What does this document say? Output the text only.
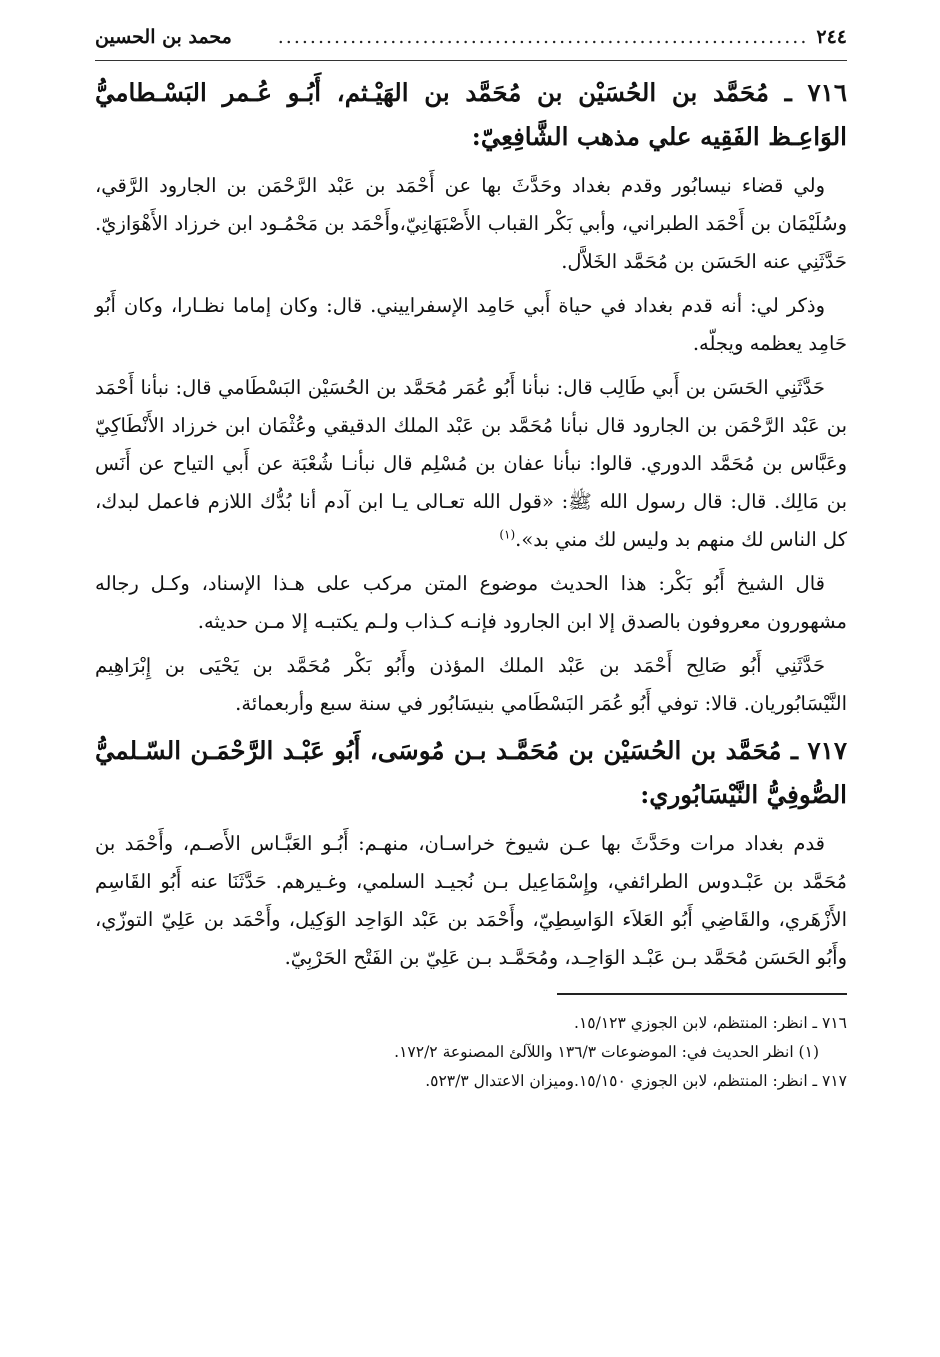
٢٤٤
..................................................................
محمد بن الحسين

٧١٦ ـ مُحَمَّد بن الحُسَيْن بن مُحَمَّد بن الهَيْـثم، أَبُـو عُـمر البَسْـطاميُّ الوَاعِـظ الفَقِيه علي مذهب الشَّافِعِيّ:

ولي قضاء نيسابُور وقدم بغداد وحَدَّثَ بها عن أَحْمَد بن عَبْد الرَّحْمَن بن الجارود الرَّقي، وسُلَيْمَان بن أَحْمَد الطبراني، وأبي بَكْر القباب الأَصْبَهَانِيّ،وأَحْمَد بن مَحْمُـود ابن خرزاد الأَهْوَازيّ. حَدَّثَنِي عنه الحَسَن بن مُحَمَّد الخَلاَّل.

وذكر لي: أنه قدم بغداد في حياة أَبي حَامِد الإسفراييني. قال: وكان إماما نظـارا، وكان أَبُو حَامِد يعظمه ويجلّه.

حَدَّثَنِي الحَسَن بن أَبي طَالِب قال: نبأنا أَبُو عُمَر مُحَمَّد بن الحُسَيْن البَسْطَامي قال: نبأنا أَحْمَد بن عَبْد الرَّحْمَن بن الجارود قال نبأنا مُحَمَّد بن عَبْد الملك الدقيقي وعُثْمَان ابن خرزاد الأَنْطَاكِيّ وعَبَّاس بن مُحَمَّد الدوري. قالوا: نبأنا عفان بن مُسْلِم قال نبأنـا شُعْبَة عن أَبي التياح عن أَنَس بن مَالِك. قال: قال رسول الله ﷺ: «قول الله تعـالى يـا ابن آدم أنا بُدُّك اللازم فاعمل لبدك، كل الناس لك منهم بد وليس لك مني بد».$^{(١)}$

قال الشيخ أَبُو بَكْر: هذا الحديث موضوع المتن مركب على هـذا الإسناد، وكـل رجاله مشهورون معروفون بالصدق إلا ابن الجارود فإنـه كـذاب ولـم يكتبـه إلا مـن حديثه.

حَدَّثَنِي أَبُو صَالِح أَحْمَد بن عَبْد الملك المؤذن وأَبُو بَكْر مُحَمَّد بن يَحْيَى بن إِبْرَاهِيم النَّيْسَابُوريان. قالا: توفي أَبُو عُمَر البَسْطَامي بنيسَابُور في سنة سبع وأربعمائة.

٧١٧ ـ مُحَمَّد بن الحُسَيْن بن مُحَمَّـد بـن مُوسَى، أَبُو عَبْـد الرَّحْمَـن السّـلميُّ الصُّوفِيُّ النَّيْسَابُوري:

قدم بغداد مرات وحَدَّثَ بها عـن شيوخ خراسـان، منهـم: أَبُـو العَبَّـاس الأَصـم، وأَحْمَد بن مُحَمَّد بن عَبْـدوس الطرائفي، وإِسْمَاعِيل بـن نُجيـد السلمي، وغـيرهم. حَدَّثَنَا عنه أَبُو القَاسِم الأَزْهَري، والقَاضِي أَبُو العَلاَء الوَاسِطِيّ، وأَحْمَد بن عَبْد الوَاحِد الوَكِيل، وأَحْمَد بن عَلِيّ التوزّي، وأَبُو الحَسَن مُحَمَّد بـن عَبْـد الوَاحِـد، ومُحَمَّـد بـن عَلِيّ بن الفَتْح الحَرْبِيّ.

٧١٦ ـ انظر: المنتظم، لابن الجوزي ١٥/١٢٣.

(١) انظر الحديث في: الموضوعات ١٣٦/٣ واللآلئ المصنوعة ١٧٢/٢.

٧١٧ ـ انظر: المنتظم، لابن الجوزي ١٥/١٥٠.وميزان الاعتدال ٥٢٣/٣.
